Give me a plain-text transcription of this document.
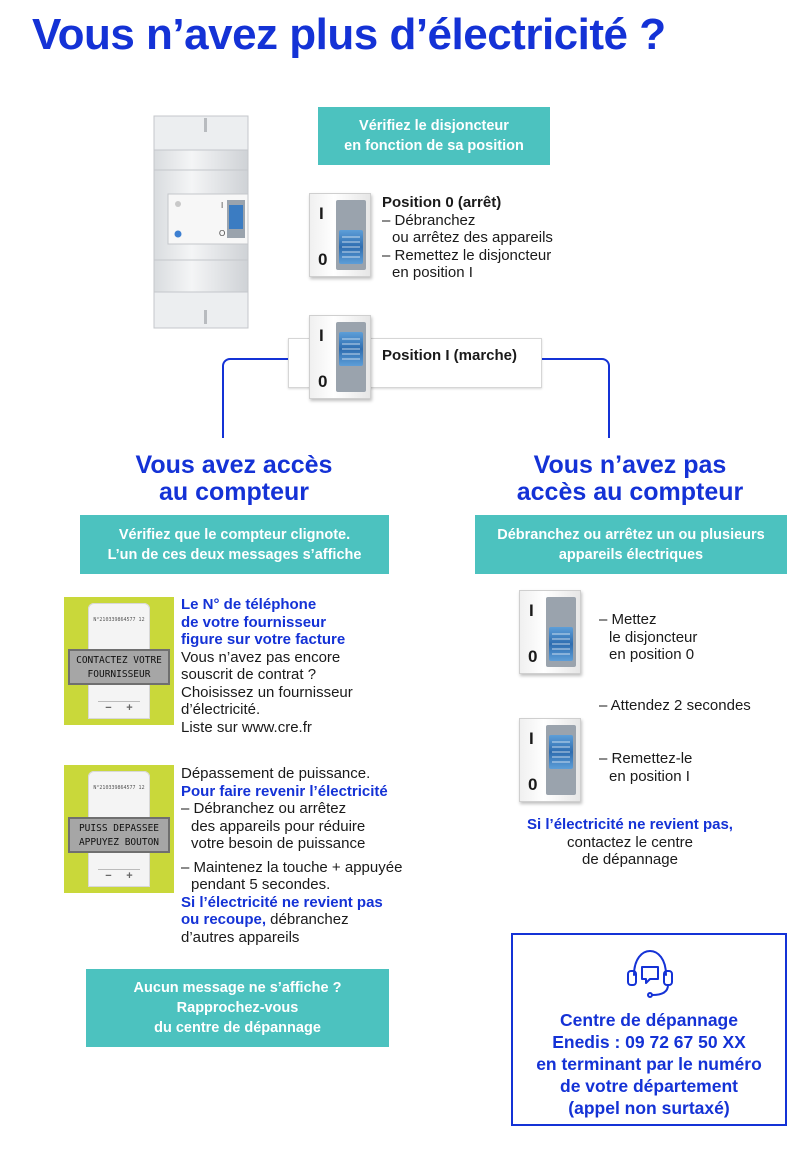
Vous n’avez plus d’électricité ?
I
O
Vérifiez le disjoncteur
en fonction de sa position
I
0
Position 0 (arrêt)
– Débranchez
ou arrêtez des appareils
– Remettez le disjoncteur
en position I
I
0
Position I (marche)
Vous avez accès
au compteur
Vous n’avez pas
accès au compteur
Vérifiez que le compteur clignote.
L’un de ces deux messages s’affiche
Débranchez ou arrêtez un ou plusieurs
appareils électriques
N°210339864577 12
CONTACTEZ VOTRE
FOURNISSEUR
−	+
Le N° de téléphone
de votre fournisseur
figure sur votre facture
Vous n’avez pas encore
souscrit de contrat ?
Choisissez un fournisseur
d’électricité.
Liste sur www.cre.fr
N°210339864577 12
PUISS DEPASSEE
APPUYEZ BOUTON
−	+
Dépassement de puissance.
Pour faire revenir l’électricité
– Débranchez ou arrêtez
des appareils pour réduire
votre besoin de puissance
– Maintenez la touche + appuyée
pendant 5 secondes.
Si l’électricité ne revient pas
ou recoupe, débranchez
d’autres appareils
Aucun message ne s’affiche ?
Rapprochez-vous
du centre de dépannage
I
0
– Mettez
le disjoncteur
en position 0
– Attendez 2 secondes
I
0
– Remettez-le
en position I
Si l’électricité ne revient pas,
contactez le centre
de dépannage
Centre de dépannage
Enedis : 09 72 67 50 XX
en terminant par le numéro
de votre département
(appel non surtaxé)
